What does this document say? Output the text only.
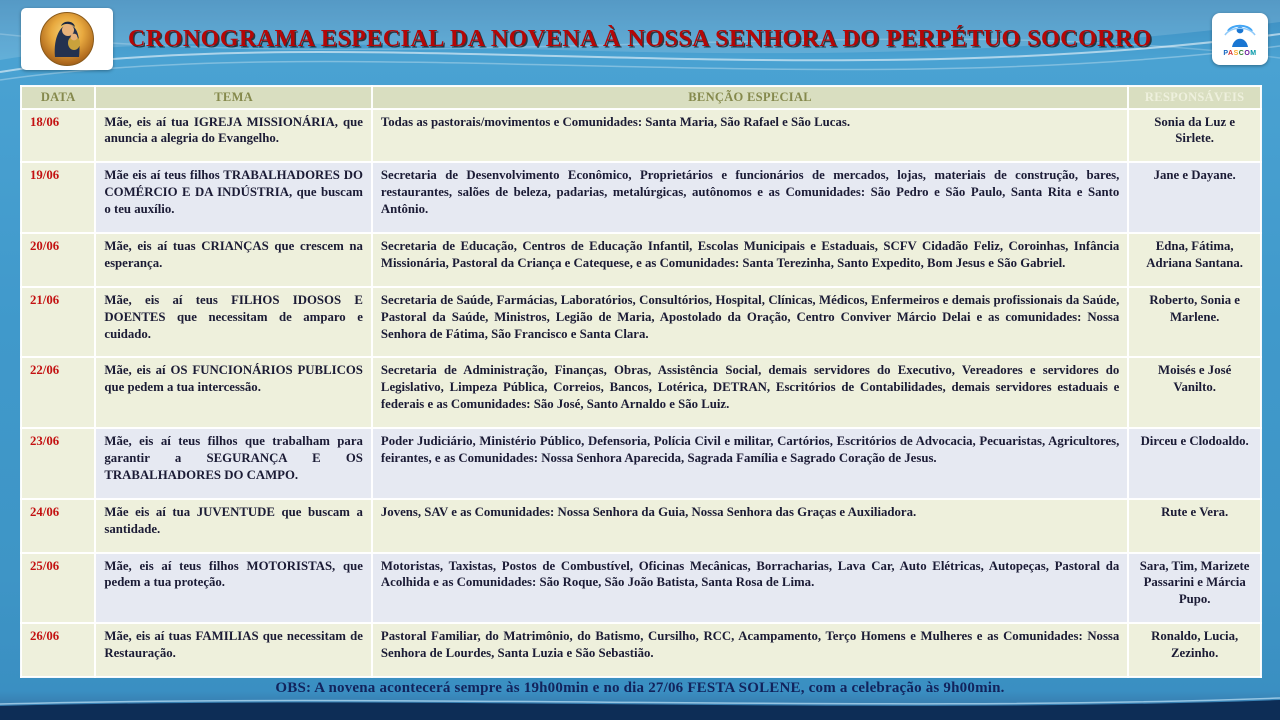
CRONOGRAMA ESPECIAL DA NOVENA À NOSSA SENHORA DO PERPÉTUO SOCORRO
PASCOM
DATA	TEMA	BENÇÃO ESPECIAL	RESPONSÁVEIS
18/06	Mãe, eis aí tua IGREJA MISSIONÁRIA, que anuncia a alegria do Evangelho.	Todas as pastorais/movimentos e Comunidades: Santa Maria, São Rafael e São Lucas.	Sonia da Luz e Sirlete.
19/06	Mãe eis aí teus filhos TRABALHADORES DO COMÉRCIO E DA INDÚSTRIA, que buscam o teu auxílio.	Secretaria de Desenvolvimento Econômico, Proprietários e funcionários de mercados, lojas, materiais de construção, bares, restaurantes, salões de beleza, padarias, metalúrgicas, autônomos e as Comunidades: São Pedro e São Paulo, Santa Rita e Santo Antônio.	Jane e Dayane.
20/06	Mãe, eis aí tuas CRIANÇAS que crescem na esperança.	Secretaria de Educação, Centros de Educação Infantil, Escolas Municipais e Estaduais, SCFV Cidadão Feliz, Coroinhas, Infância Missionária, Pastoral da Criança e Catequese, e as Comunidades: Santa Terezinha, Santo Expedito, Bom Jesus e São Gabriel.	Edna, Fátima, Adriana Santana.
21/06	Mãe, eis aí teus FILHOS IDOSOS E DOENTES que necessitam de amparo e cuidado.	Secretaria de Saúde, Farmácias, Laboratórios, Consultórios, Hospital, Clínicas, Médicos, Enfermeiros e demais profissionais da Saúde, Pastoral da Saúde, Ministros, Legião de Maria, Apostolado da Oração, Centro Conviver Márcio Delai e as comunidades: Nossa Senhora de Fátima, São Francisco e Santa Clara.	Roberto, Sonia e Marlene.
22/06	Mãe, eis aí OS FUNCIONÁRIOS PUBLICOS que pedem a tua intercessão.	Secretaria de Administração, Finanças, Obras, Assistência Social, demais servidores do Executivo, Vereadores e servidores do Legislativo, Limpeza Pública, Correios, Bancos, Lotérica, DETRAN, Escritórios de Contabilidades, demais servidores estaduais e federais e as Comunidades: São José, Santo Arnaldo e São Luiz.	Moisés e José Vanilto.
23/06	Mãe, eis aí teus filhos que trabalham para garantir a SEGURANÇA E OS TRABALHADORES DO CAMPO.	Poder Judiciário, Ministério Público, Defensoria, Polícia Civil e militar, Cartórios, Escritórios de Advocacia, Pecuaristas, Agricultores, feirantes, e as Comunidades: Nossa Senhora Aparecida, Sagrada Família e Sagrado Coração de Jesus.	Dirceu e Clodoaldo.
24/06	Mãe eis aí tua JUVENTUDE que buscam a santidade.	Jovens, SAV e as Comunidades: Nossa Senhora da Guia, Nossa Senhora das Graças e Auxiliadora.	Rute e Vera.
25/06	Mãe, eis aí teus filhos MOTORISTAS, que pedem a tua proteção.	Motoristas, Taxistas, Postos de Combustível, Oficinas Mecânicas, Borracharias, Lava Car, Auto Elétricas, Autopeças, Pastoral da Acolhida e as Comunidades: São Roque, São João Batista, Santa Rosa de Lima.	Sara, Tim, Marizete Passarini e Márcia Pupo.
26/06	Mãe, eis aí tuas FAMILIAS que necessitam de Restauração.	Pastoral Familiar, do Matrimônio, do Batismo, Cursilho, RCC, Acampamento, Terço Homens e Mulheres e as Comunidades: Nossa Senhora de Lourdes, Santa Luzia e São Sebastião.	Ronaldo, Lucia, Zezinho.
OBS: A novena acontecerá sempre às 19h00min e no dia 27/06 FESTA SOLENE, com a celebração às 9h00min.
